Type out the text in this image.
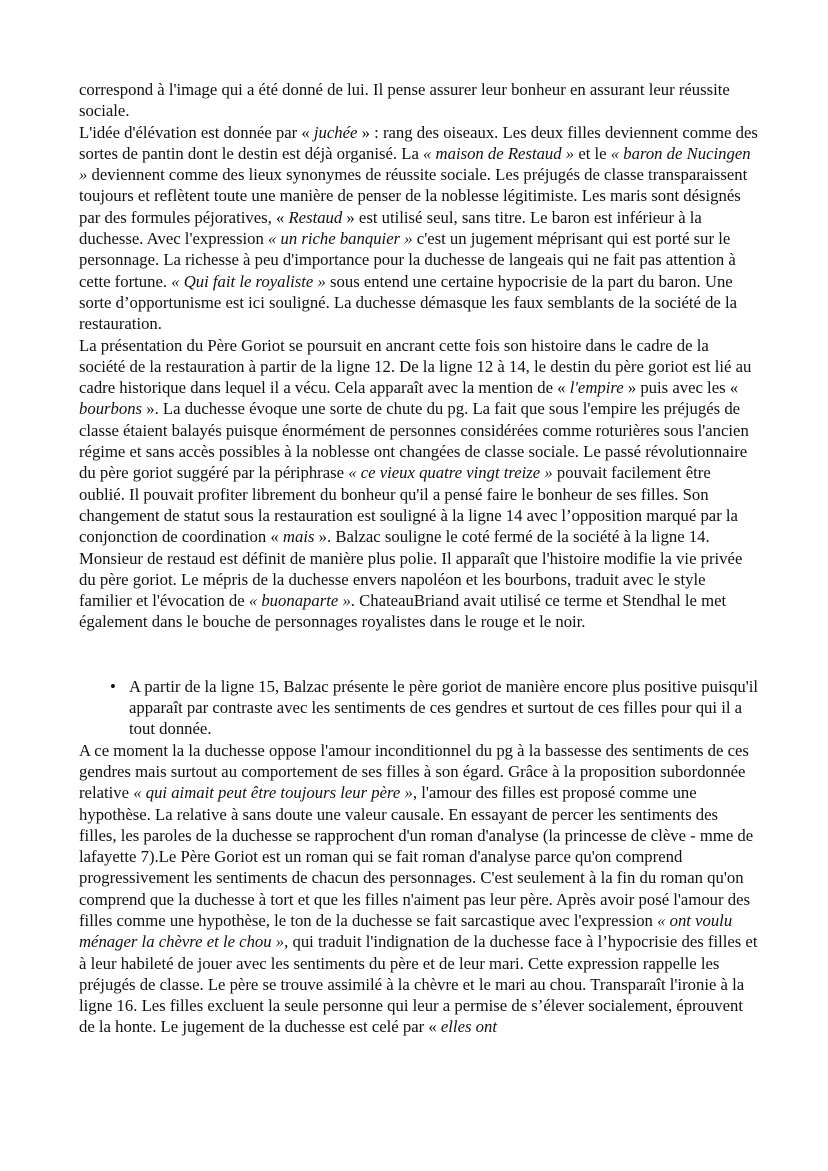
correspond à l'image qui a été donné de lui. Il pense assurer leur bonheur en assurant leur réussite sociale.

L'idée d'élévation est donnée par « juchée » : rang des oiseaux. Les deux filles deviennent comme des sortes de pantin dont le destin est déjà organisé. La « maison de Restaud » et le « baron de Nucingen » deviennent comme des lieux synonymes de réussite sociale. Les préjugés de classe transparaissent toujours et reflètent toute une manière de penser de la noblesse légitimiste. Les maris sont désignés par des formules péjoratives, « Restaud » est utilisé seul, sans titre. Le baron est inférieur à la duchesse. Avec l'expression « un riche banquier » c'est un jugement méprisant qui est porté sur le personnage. La richesse à peu d'importance pour la duchesse de langeais qui ne fait pas attention à cette fortune. « Qui fait le royaliste » sous entend une certaine hypocrisie de la part du baron. Une sorte d’opportunisme est ici souligné. La duchesse démasque les faux semblants de la société de la restauration.

La présentation du Père Goriot se poursuit en ancrant cette fois son histoire dans le cadre de la société de la restauration à partir de la ligne 12. De la ligne 12 à 14, le destin du père goriot est lié au cadre historique dans lequel il a vécu. Cela apparaît avec la mention de « l'empire » puis avec les « bourbons ». La duchesse évoque une sorte de chute du pg. La fait que sous l'empire les préjugés de classe étaient balayés puisque énormément de personnes considérées comme roturières sous l'ancien régime et sans accès possibles à la noblesse ont changées de classe sociale. Le passé révolutionnaire du père goriot suggéré par la périphrase « ce vieux quatre vingt treize » pouvait facilement être oublié. Il pouvait profiter librement du bonheur qu'il a pensé faire le bonheur de ses filles. Son changement de statut sous la restauration est souligné à la ligne 14 avec l’opposition marqué par la conjonction de coordination « mais ». Balzac souligne le coté fermé de la société à la ligne 14. Monsieur de restaud est définit de manière plus polie. Il apparaît que l'histoire modifie la vie privée du père goriot. Le mépris de la duchesse envers napoléon et les bourbons, traduit avec le style familier et l'évocation de « buonaparte ». ChateauBriand avait utilisé ce terme et Stendhal le met également dans le bouche de personnages royalistes dans le rouge et le noir.

• A partir de la ligne 15, Balzac présente le père goriot de manière encore plus positive puisqu'il apparaît par contraste avec les sentiments de ces gendres et surtout de ces filles pour qui il a tout donnée.

A ce moment la la duchesse oppose l'amour inconditionnel du pg à la bassesse des sentiments de ces gendres mais surtout au comportement de ses filles à son égard. Grâce à la proposition subordonnée relative « qui aimait peut être toujours leur père », l'amour des filles est proposé comme une hypothèse. La relative à sans doute une valeur causale. En essayant de percer les sentiments des filles, les paroles de la duchesse se rapprochent d'un roman d'analyse (la princesse de clève - mme de lafayette 7).Le Père Goriot est un roman qui se fait roman d'analyse parce qu'on comprend progressivement les sentiments de chacun des personnages. C'est seulement à la fin du roman qu'on comprend que la duchesse à tort et que les filles n'aiment pas leur père. Après avoir posé l'amour des filles comme une hypothèse, le ton de la duchesse se fait sarcastique avec l'expression « ont voulu ménager la chèvre et le chou », qui traduit l'indignation de la duchesse face à l’hypocrisie des filles et à leur habileté de jouer avec les sentiments du père et de leur mari. Cette expression rappelle les préjugés de classe. Le père se trouve assimilé à la chèvre et le mari au chou. Transparaît l'ironie à la ligne 16. Les filles excluent la seule personne qui leur a permise de s’élever socialement, éprouvent de la honte. Le jugement de la duchesse est celé par « elles ont
